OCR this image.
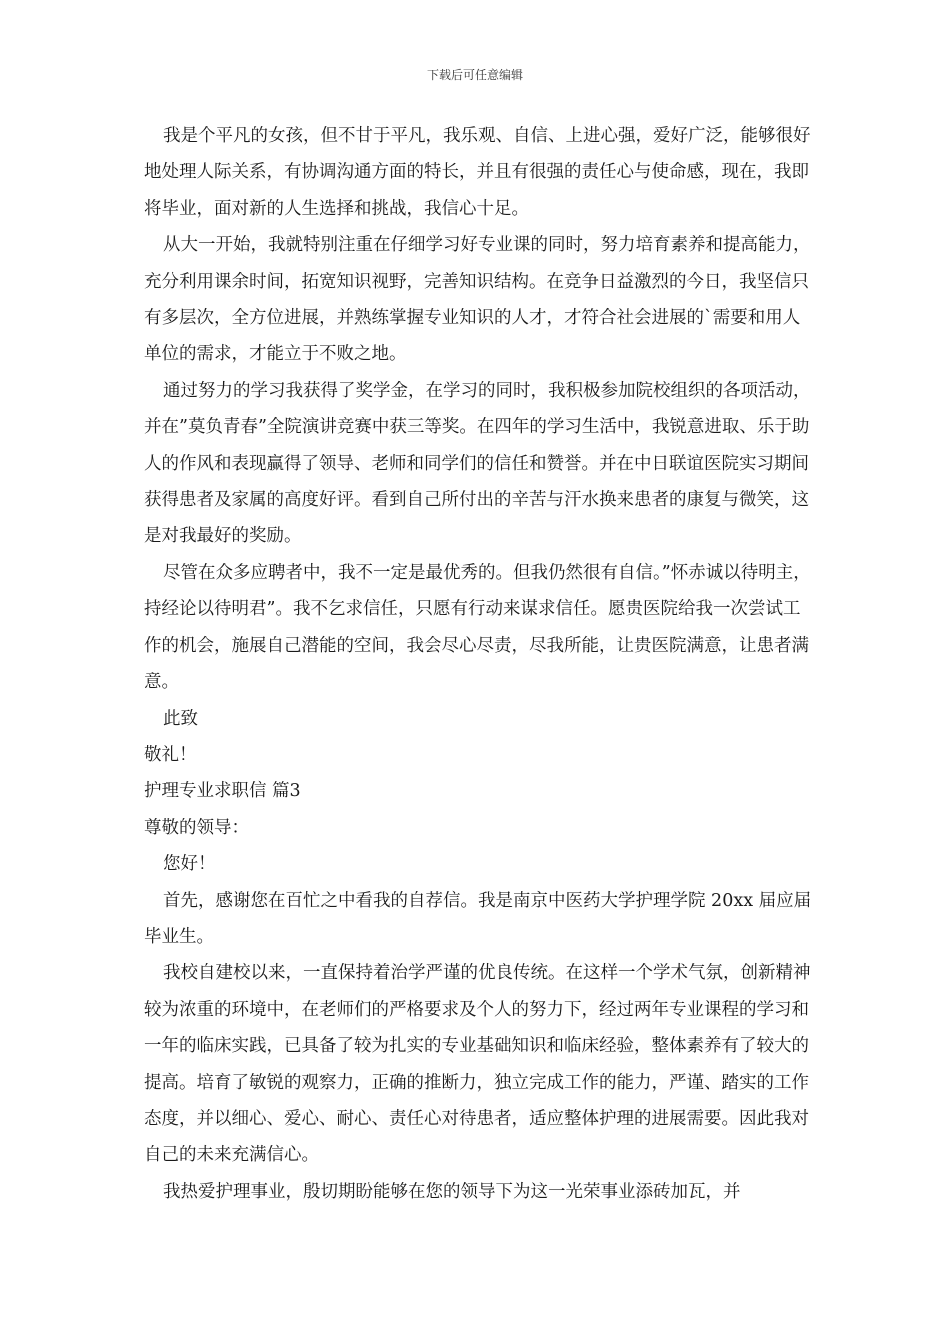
下载后可任意编辑

我是个平凡的女孩，但不甘于平凡，我乐观、自信、上进心强，爱好广泛，能够很好地处理人际关系，有协调沟通方面的特长，并且有很强的责任心与使命感，现在，我即将毕业，面对新的人生选择和挑战，我信心十足。

从大一开始，我就特别注重在仔细学习好专业课的同时，努力培育素养和提高能力，充分利用课余时间，拓宽知识视野，完善知识结构。在竞争日益激烈的今日，我坚信只有多层次，全方位进展，并熟练掌握专业知识的人才，才符合社会进展的`需要和用人单位的需求，才能立于不败之地。

通过努力的学习我获得了奖学金，在学习的同时，我积极参加院校组织的各项活动，并在”莫负青春”全院演讲竞赛中获三等奖。在四年的学习生活中，我锐意进取、乐于助人的作风和表现赢得了领导、老师和同学们的信任和赞誉。并在中日联谊医院实习期间获得患者及家属的高度好评。看到自己所付出的辛苦与汗水换来患者的康复与微笑，这是对我最好的奖励。

尽管在众多应聘者中，我不一定是最优秀的。但我仍然很有自信。”怀赤诚以待明主，持经论以待明君”。我不乞求信任，只愿有行动来谋求信任。愿贵医院给我一次尝试工作的机会，施展自己潜能的空间，我会尽心尽责，尽我所能，让贵医院满意，让患者满意。

此致

敬礼！

护理专业求职信 篇3

尊敬的领导：

您好！

首先，感谢您在百忙之中看我的自荐信。我是南京中医药大学护理学院 20xx 届应届毕业生。

我校自建校以来，一直保持着治学严谨的优良传统。在这样一个学术气氛，创新精神较为浓重的环境中，在老师们的严格要求及个人的努力下，经过两年专业课程的学习和一年的临床实践，已具备了较为扎实的专业基础知识和临床经验，整体素养有了较大的提高。培育了敏锐的观察力，正确的推断力，独立完成工作的能力，严谨、踏实的工作态度，并以细心、爱心、耐心、责任心对待患者，适应整体护理的进展需要。因此我对自己的未来充满信心。

我热爱护理事业，殷切期盼能够在您的领导下为这一光荣事业添砖加瓦，并
